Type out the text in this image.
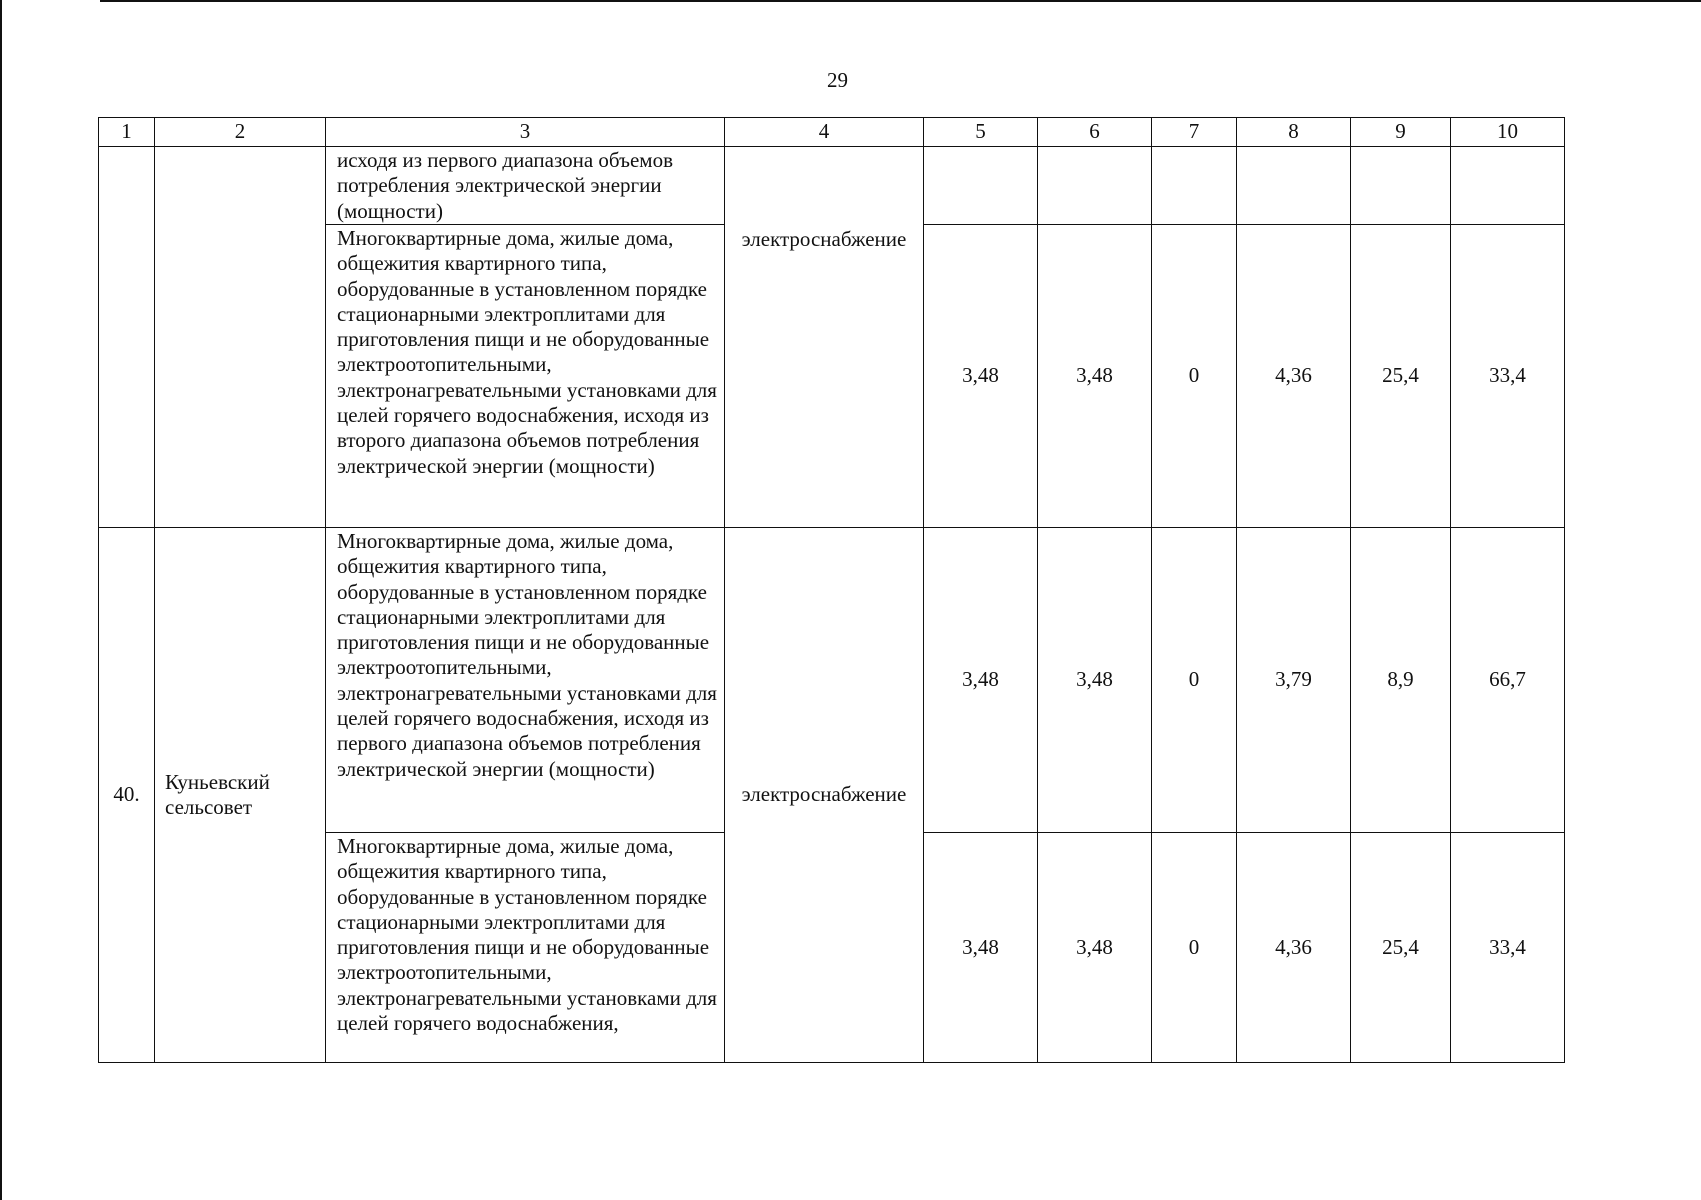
29
1	2	3	4	5	6	7	8	9	10
		исходя из первого диапазона объемов потребления электрической энергии (мощности)	электроснабжение						
		Многоквартирные дома, жилые дома, общежития квартирного типа, оборудованные в установленном порядке стационарными электроплитами для приготовления пищи и не оборудованные электроотопительными, электронагревательными установками для целей горячего водоснабжения, исходя из второго диапазона объемов потребления электрической энергии (мощности)		3,48	3,48	0	4,36	25,4	33,4
40.	Куньевский сельсовет	Многоквартирные дома, жилые дома, общежития квартирного типа, оборудованные в установленном порядке стационарными электроплитами для приготовления пищи и не оборудованные электроотопительными, электронагревательными установками для целей горячего водоснабжения, исходя из первого диапазона объемов потребления электрической энергии (мощности)	электроснабжение	3,48	3,48	0	3,79	8,9	66,7
		Многоквартирные дома, жилые дома, общежития квартирного типа, оборудованные в установленном порядке стационарными электроплитами для приготовления пищи и не оборудованные электроотопительными, электронагревательными установками для целей горячего водоснабжения,		3,48	3,48	0	4,36	25,4	33,4
